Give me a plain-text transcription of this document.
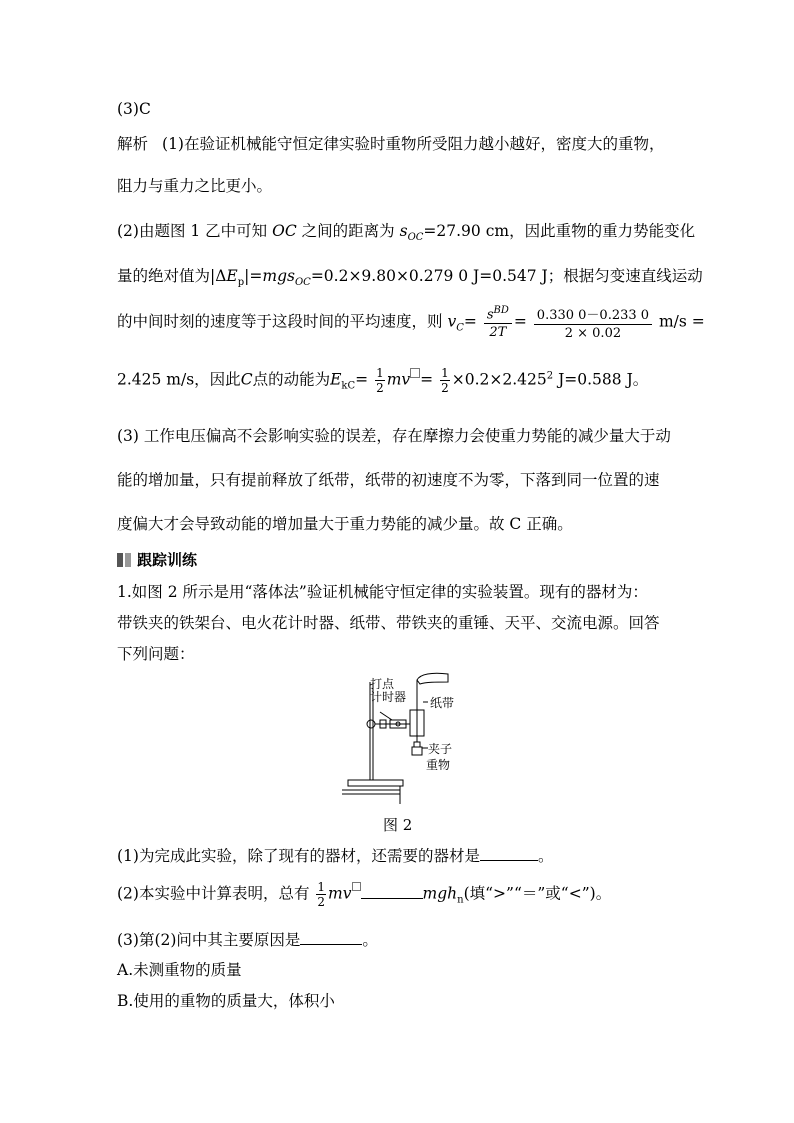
(3)C
解析 (1)在验证机械能守恒定律实验时重物所受阻力越小越好，密度大的重物，
阻力与重力之比更小。
(2)由题图 1 乙中可知 OC 之间的距离为 $s_{OC}=27.90$ cm，因此重物的重力势能变化
量的绝对值为$|\Delta E_p|=mgs_{OC}=0.2\times 9.80\times 0.279$ 0 J=0.547 J；根据匀变速直线运动
的中间时刻的速度等于这段时间的平均速度，则 $v_C= \frac{s^{BD}}{2T} = \frac{0.330 0-0.233 0}{2 \times 0.02} m/s$ =
2.425 m/s，因此C点的动能为$E_{kC}= \frac{1}{2}$ mv = $\frac{1}{2} \times 0.2\times 2.425^2$ J=0.588 J。
(3) 工作电压偏高不会影响实验的误差，存在摩擦力会使重力势能的减少量大于动
能的增加量，只有提前释放了纸带，纸带的初速度不为零，下落到同一位置的速
度偏大才会导致动能的增加量大于重力势能的减少量。故 C 正确。
跟踪训练
1.如图 2 所示是用“落体法”验证机械能守恒定律的实验装置。现有的器材为：
带铁夹的铁架台、电火花计时器、纸带、带铁夹的重锤、天平、交流电源。回答
下列问题：
打点
计时器 纸带
夹子
重物
图 2
(1)为完成此实验，除了现有的器材，还需要的器材是	。
(2)本实验中计算表明，总有 $\frac{1}{2}$ mv	mgh$_n$(填“>”“＝”或“<”)。
(3)第(2)问中其主要原因是	。
A.未测重物的质量
B.使用的重物的质量大，体积小
